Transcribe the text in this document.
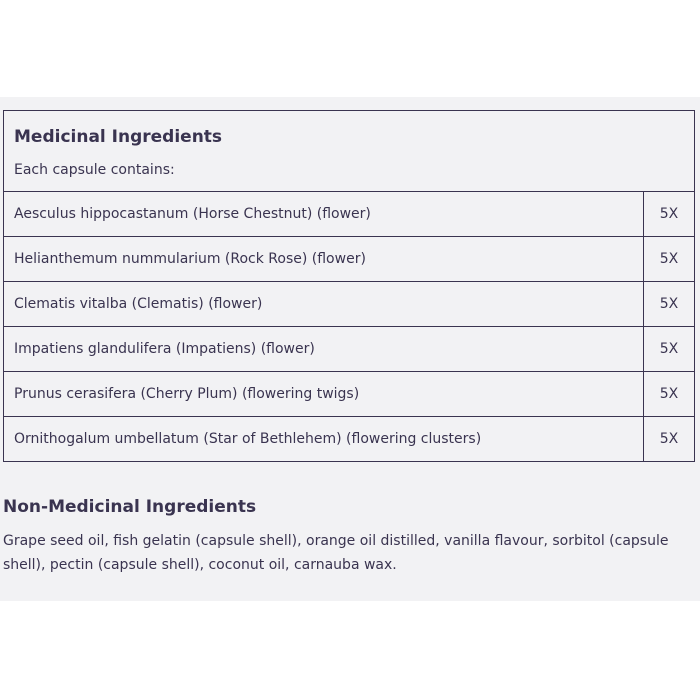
Medicinal Ingredients
Each capsule contains:
Aesculus hippocastanum (Horse Chestnut) (flower)	5X
Helianthemum nummularium (Rock Rose) (flower)	5X
Clematis vitalba (Clematis) (flower)	5X
Impatiens glandulifera (Impatiens) (flower)	5X
Prunus cerasifera (Cherry Plum) (flowering twigs)	5X
Ornithogalum umbellatum (Star of Bethlehem) (flowering clusters)	5X
Non-Medicinal Ingredients
Grape seed oil, fish gelatin (capsule shell), orange oil distilled, vanilla flavour, sorbitol (capsule shell), pectin (capsule shell), coconut oil, carnauba wax.
